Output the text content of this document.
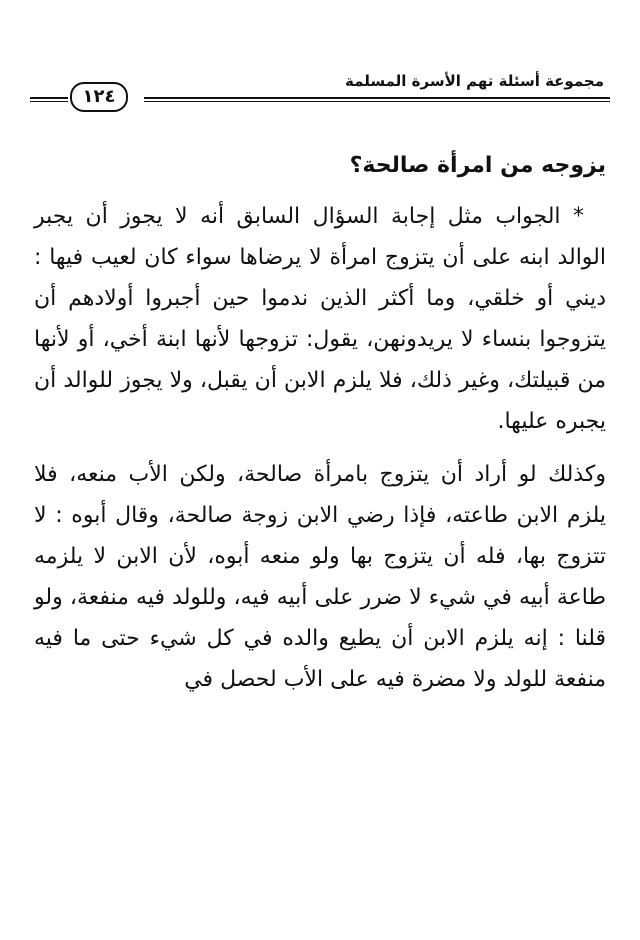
مجموعة أسئلة تهم الأسرة المسلمة
١٢٤
يزوجه من امرأة صالحة؟

* الجواب مثل إجابة السؤال السابق أنه لا يجوز أن يجبر الوالد ابنه على أن يتزوج امرأة لا يرضاها سواء كان لعيب فيها : ديني أو خلقي، وما أكثر الذين ندموا حين أجبروا أولادهم أن يتزوجوا بنساء لا يريدونهن، يقول: تزوجها لأنها ابنة أخي، أو لأنها من قبيلتك، وغير ذلك، فلا يلزم الابن أن يقبل، ولا يجوز للوالد أن يجبره عليها.

وكذلك لو أراد أن يتزوج بامرأة صالحة، ولكن الأب منعه، فلا يلزم الابن طاعته، فإذا رضي الابن زوجة صالحة، وقال أبوه : لا تتزوج بها، فله أن يتزوج بها ولو منعه أبوه، لأن الابن لا يلزمه طاعة أبيه في شيء لا ضرر على أبيه فيه، وللولد فيه منفعة، ولو قلنا : إنه يلزم الابن أن يطيع والده في كل شيء حتى ما فيه منفعة للولد ولا مضرة فيه على الأب لحصل في
